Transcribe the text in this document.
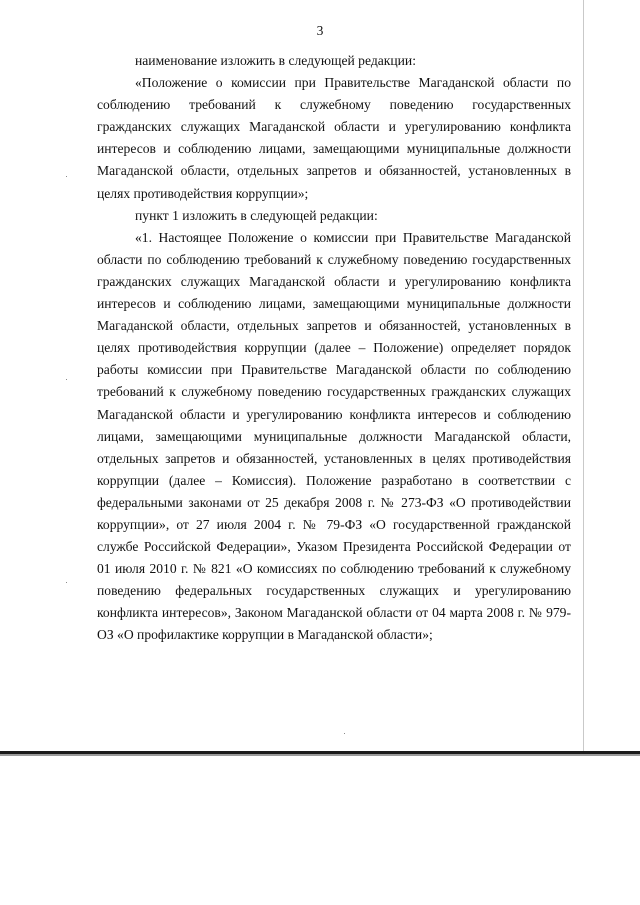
3

наименование изложить в следующей редакции:

«Положение о комиссии при Правительстве Магаданской области по соблюдению требований к служебному поведению государственных гражданских служащих Магаданской области и урегулированию конфликта интересов и соблюдению лицами, замещающими муниципальные должности Магаданской области, отдельных запретов и обязанностей, установленных в целях противодействия коррупции»;

пункт 1 изложить в следующей редакции:

«1. Настоящее Положение о комиссии при Правительстве Магаданской области по соблюдению требований к служебному поведению государственных гражданских служащих Магаданской области и урегулированию конфликта интересов и соблюдению лицами, замещающими муниципальные должности Магаданской области, отдельных запретов и обязанностей, установленных в целях противодействия коррупции (далее – Положение) определяет порядок работы комиссии при Правительстве Магаданской области по соблюдению требований к служебному поведению государственных гражданских служащих Магаданской области и урегулированию конфликта интересов и соблюдению лицами, замещающими муниципальные должности Магаданской области, отдельных запретов и обязанностей, установленных в целях противодействия коррупции (далее – Комиссия). Положение разработано в соответствии с федеральными законами от 25 декабря 2008 г. № 273-ФЗ «О противодействии коррупции», от 27 июля 2004 г. № 79-ФЗ «О государственной гражданской службе Российской Федерации», Указом Президента Российской Федерации от 01 июля 2010 г. № 821 «О комиссиях по соблюдению требований к служебному поведению федеральных государственных служащих и урегулированию конфликта интересов», Законом Магаданской области от 04 марта 2008 г. № 979-ОЗ «О профилактике коррупции в Магаданской области»;
